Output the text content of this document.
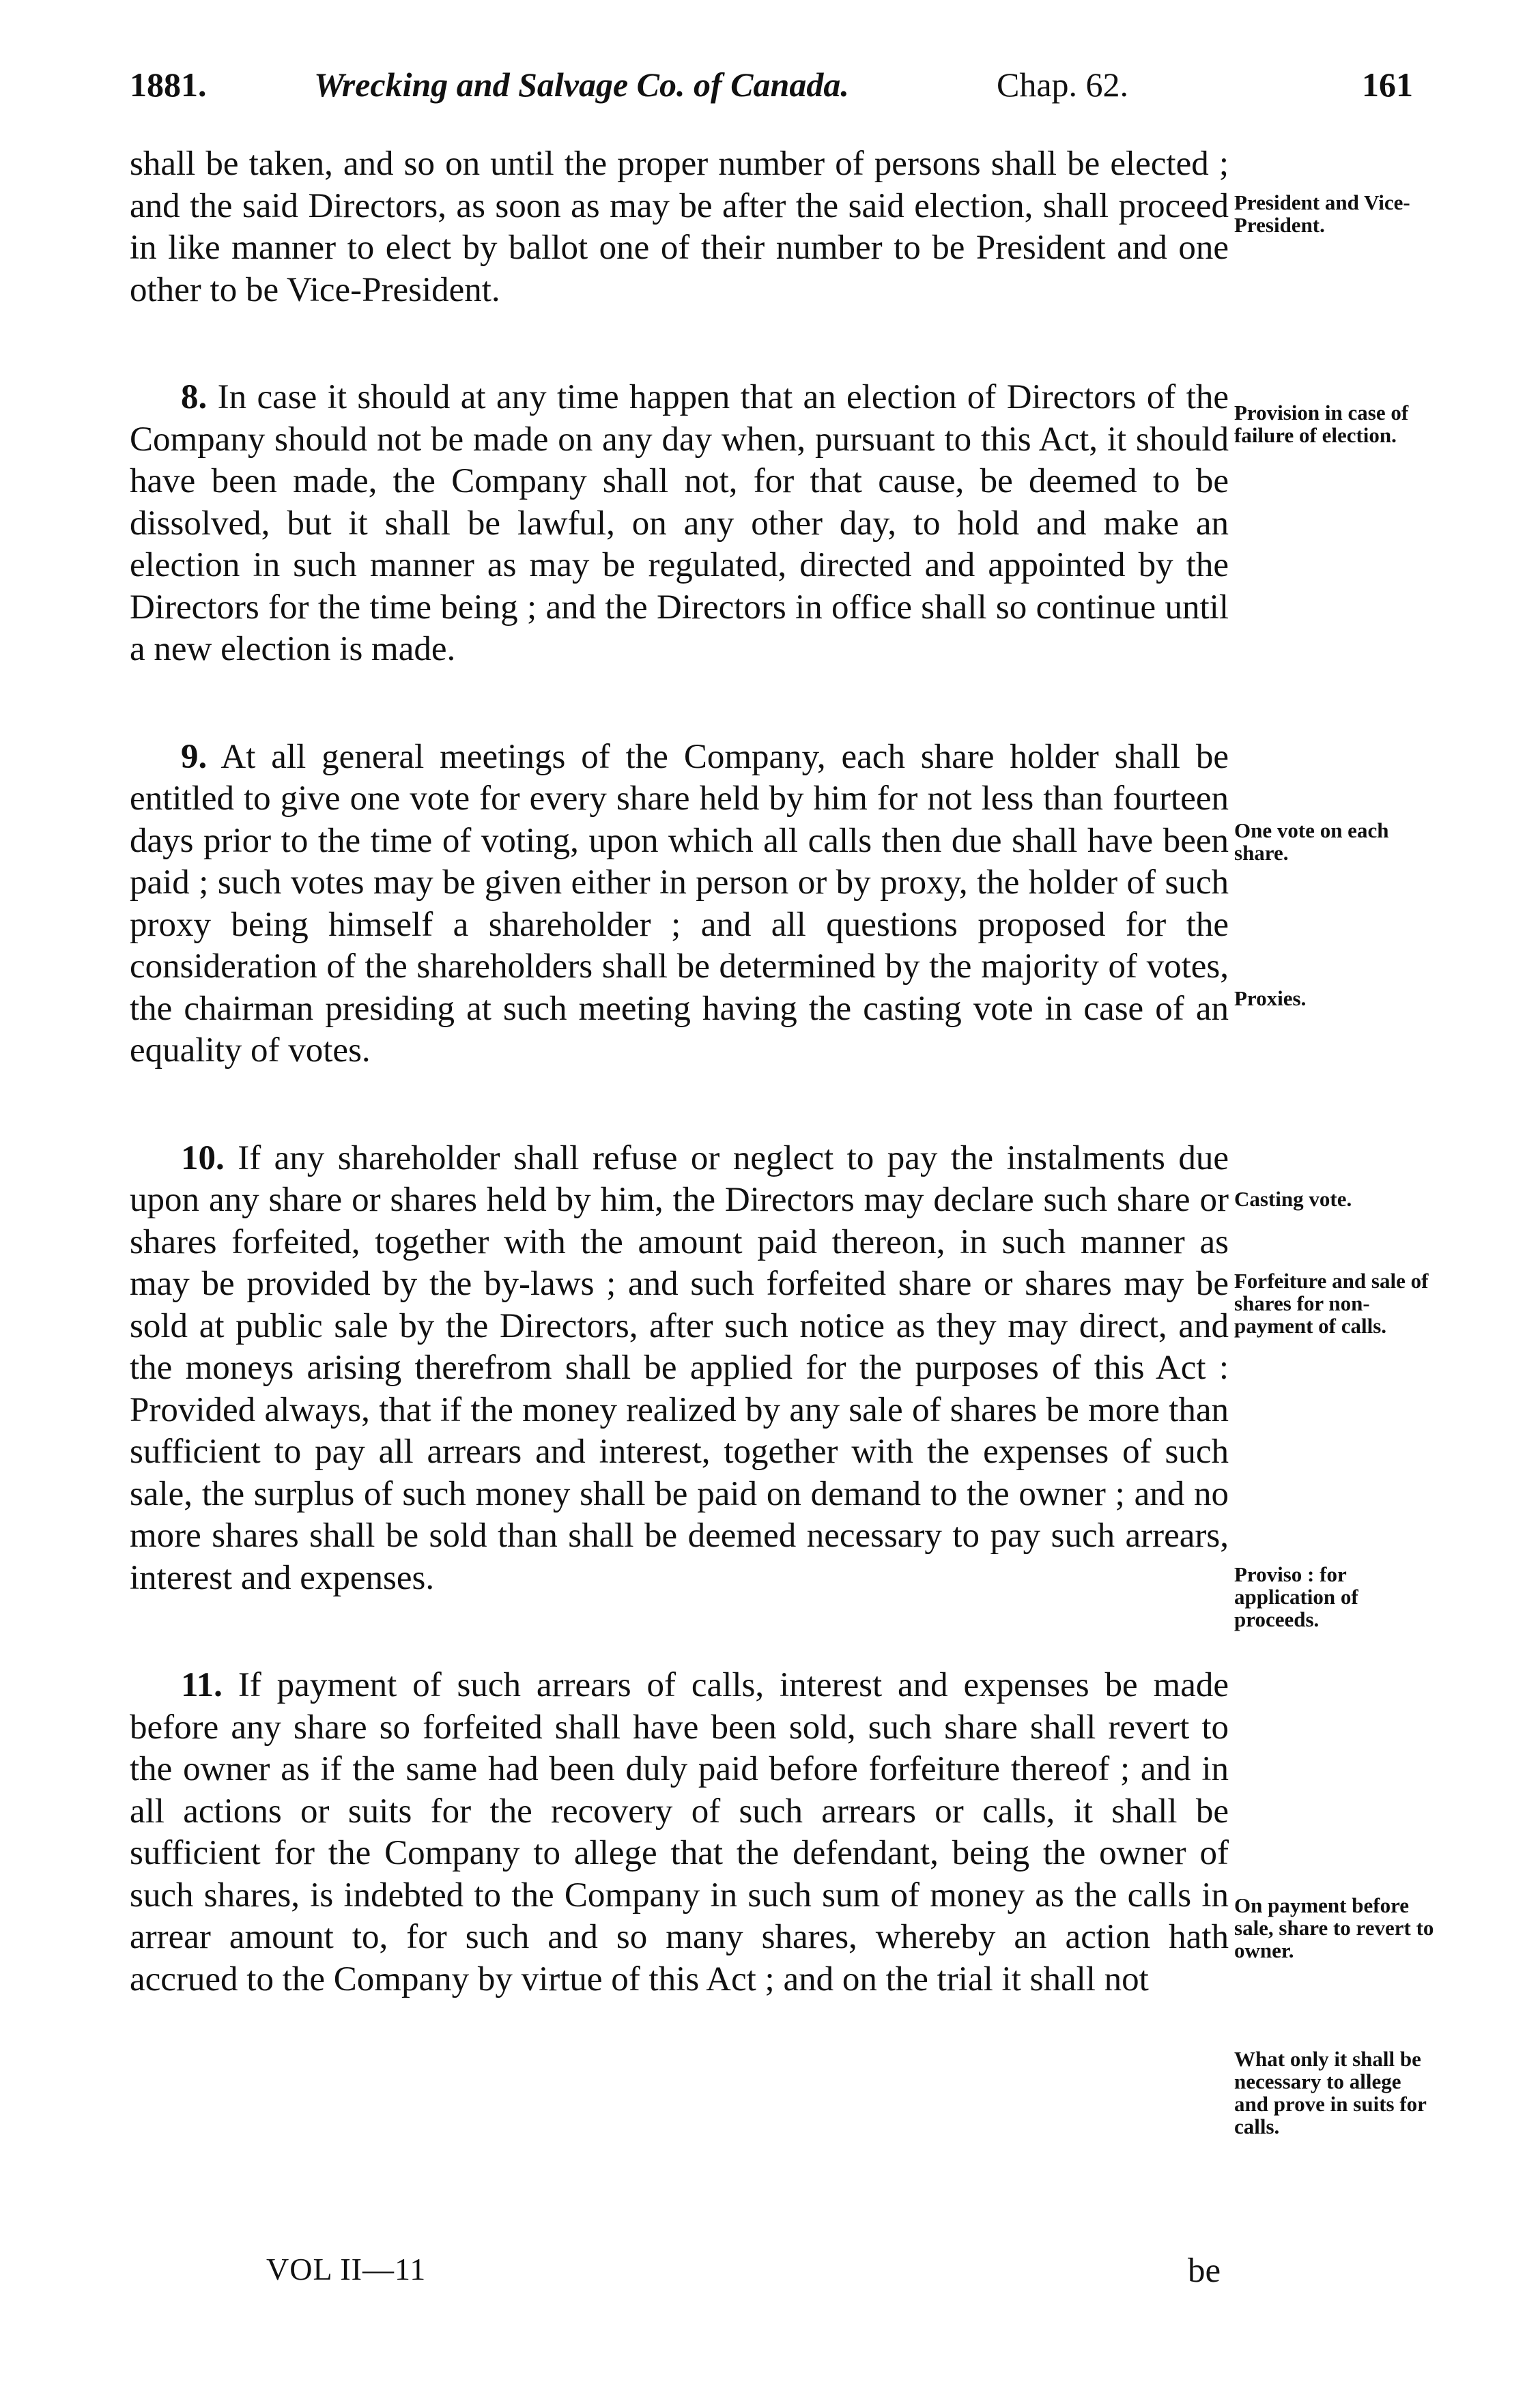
1881.	Wrecking and Salvage Co. of Canada.	Chap. 62.	161

shall be taken, and so on until the proper number of persons shall be elected ; and the said Directors, as soon as may be after the said election, shall proceed in like manner to elect by ballot one of their number to be President and one other to be Vice-President.

8. In case it should at any time happen that an election of Directors of the Company should not be made on any day when, pursuant to this Act, it should have been made, the Company shall not, for that cause, be deemed to be dissolved, but it shall be lawful, on any other day, to hold and make an election in such manner as may be regulated, directed and appointed by the Directors for the time being ; and the Directors in office shall so continue until a new election is made.

9. At all general meetings of the Company, each share holder shall be entitled to give one vote for every share held by him for not less than fourteen days prior to the time of voting, upon which all calls then due shall have been paid ; such votes may be given either in person or by proxy, the holder of such proxy being himself a shareholder ; and all questions proposed for the consideration of the shareholders shall be determined by the majority of votes, the chairman presiding at such meeting having the casting vote in case of an equality of votes.

10. If any shareholder shall refuse or neglect to pay the instalments due upon any share or shares held by him, the Directors may declare such share or shares forfeited, together with the amount paid thereon, in such manner as may be provided by the by-laws ; and such forfeited share or shares may be sold at public sale by the Directors, after such notice as they may direct, and the moneys arising therefrom shall be applied for the purposes of this Act : Provided always, that if the money realized by any sale of shares be more than sufficient to pay all arrears and interest, together with the expenses of such sale, the surplus of such money shall be paid on demand to the owner ; and no more shares shall be sold than shall be deemed necessary to pay such arrears, interest and expenses.

11. If payment of such arrears of calls, interest and expenses be made before any share so forfeited shall have been sold, such share shall revert to the owner as if the same had been duly paid before forfeiture thereof ; and in all actions or suits for the recovery of such arrears or calls, it shall be sufficient for the Company to allege that the defendant, being the owner of such shares, is indebted to the Company in such sum of money as the calls in arrear amount to, for such and so many shares, whereby an action hath accrued to the Company by virtue of this Act ; and on the trial it shall not

President and Vice-President.
Provision in case of failure of election.
One vote on each share.
Proxies.
Casting vote.
Forfeiture and sale of shares for non-payment of calls.
Proviso : for application of proceeds.
On payment before sale, share to revert to owner.
What only it shall be necessary to allege and prove in suits for calls.
VOL II—11	be
